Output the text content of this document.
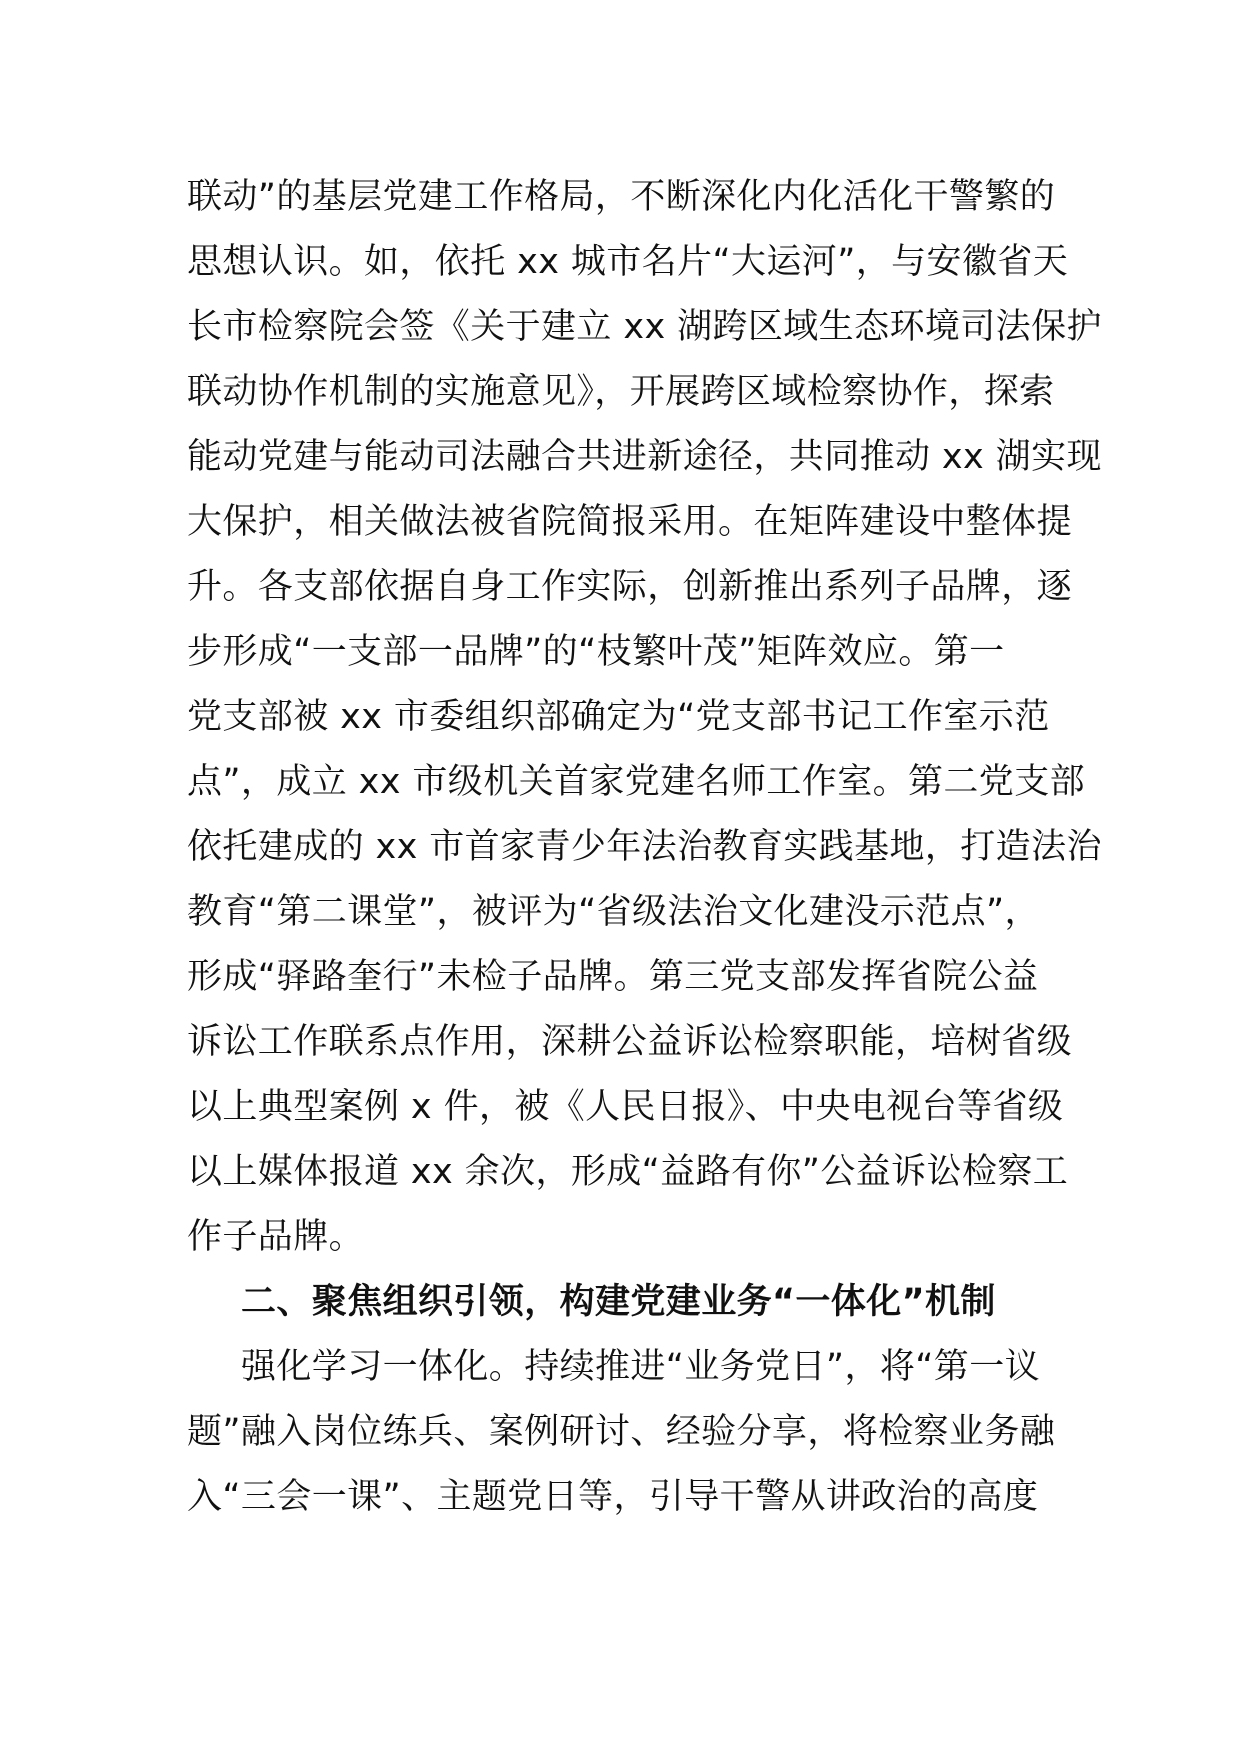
联动”的基层党建工作格局，不断深化内化活化干警繁的
思想认识。如，依托 xx 城市名片“大运河”，与安徽省天
长市检察院会签《关于建立 xx 湖跨区域生态环境司法保护
联动协作机制的实施意见》，开展跨区域检察协作，探索
能动党建与能动司法融合共进新途径，共同推动 xx 湖实现
大保护，相关做法被省院简报采用。在矩阵建设中整体提
升。各支部依据自身工作实际，创新推出系列子品牌，逐
步形成“一支部一品牌”的“枝繁叶茂”矩阵效应。第一
党支部被 xx 市委组织部确定为“党支部书记工作室示范
点”，成立 xx 市级机关首家党建名师工作室。第二党支部
依托建成的 xx 市首家青少年法治教育实践基地，打造法治
教育“第二课堂”，被评为“省级法治文化建没示范点”，
形成“驿路奎行”未检子品牌。第三党支部发挥省院公益
诉讼工作联系点作用，深耕公益诉讼检察职能，培树省级
以上典型案例 x 件，被《人民日报》、中央电视台等省级
以上媒体报道 xx 余次，形成“益路有你”公益诉讼检察工
作子品牌。
二、聚焦组织引领，构建党建业务“一体化”机制
强化学习一体化。持续推进“业务党日”，将“第一议
题”融入岗位练兵、案例研讨、经验分享，将检察业务融
入“三会一课”、主题党日等，引导干警从讲政治的高度
